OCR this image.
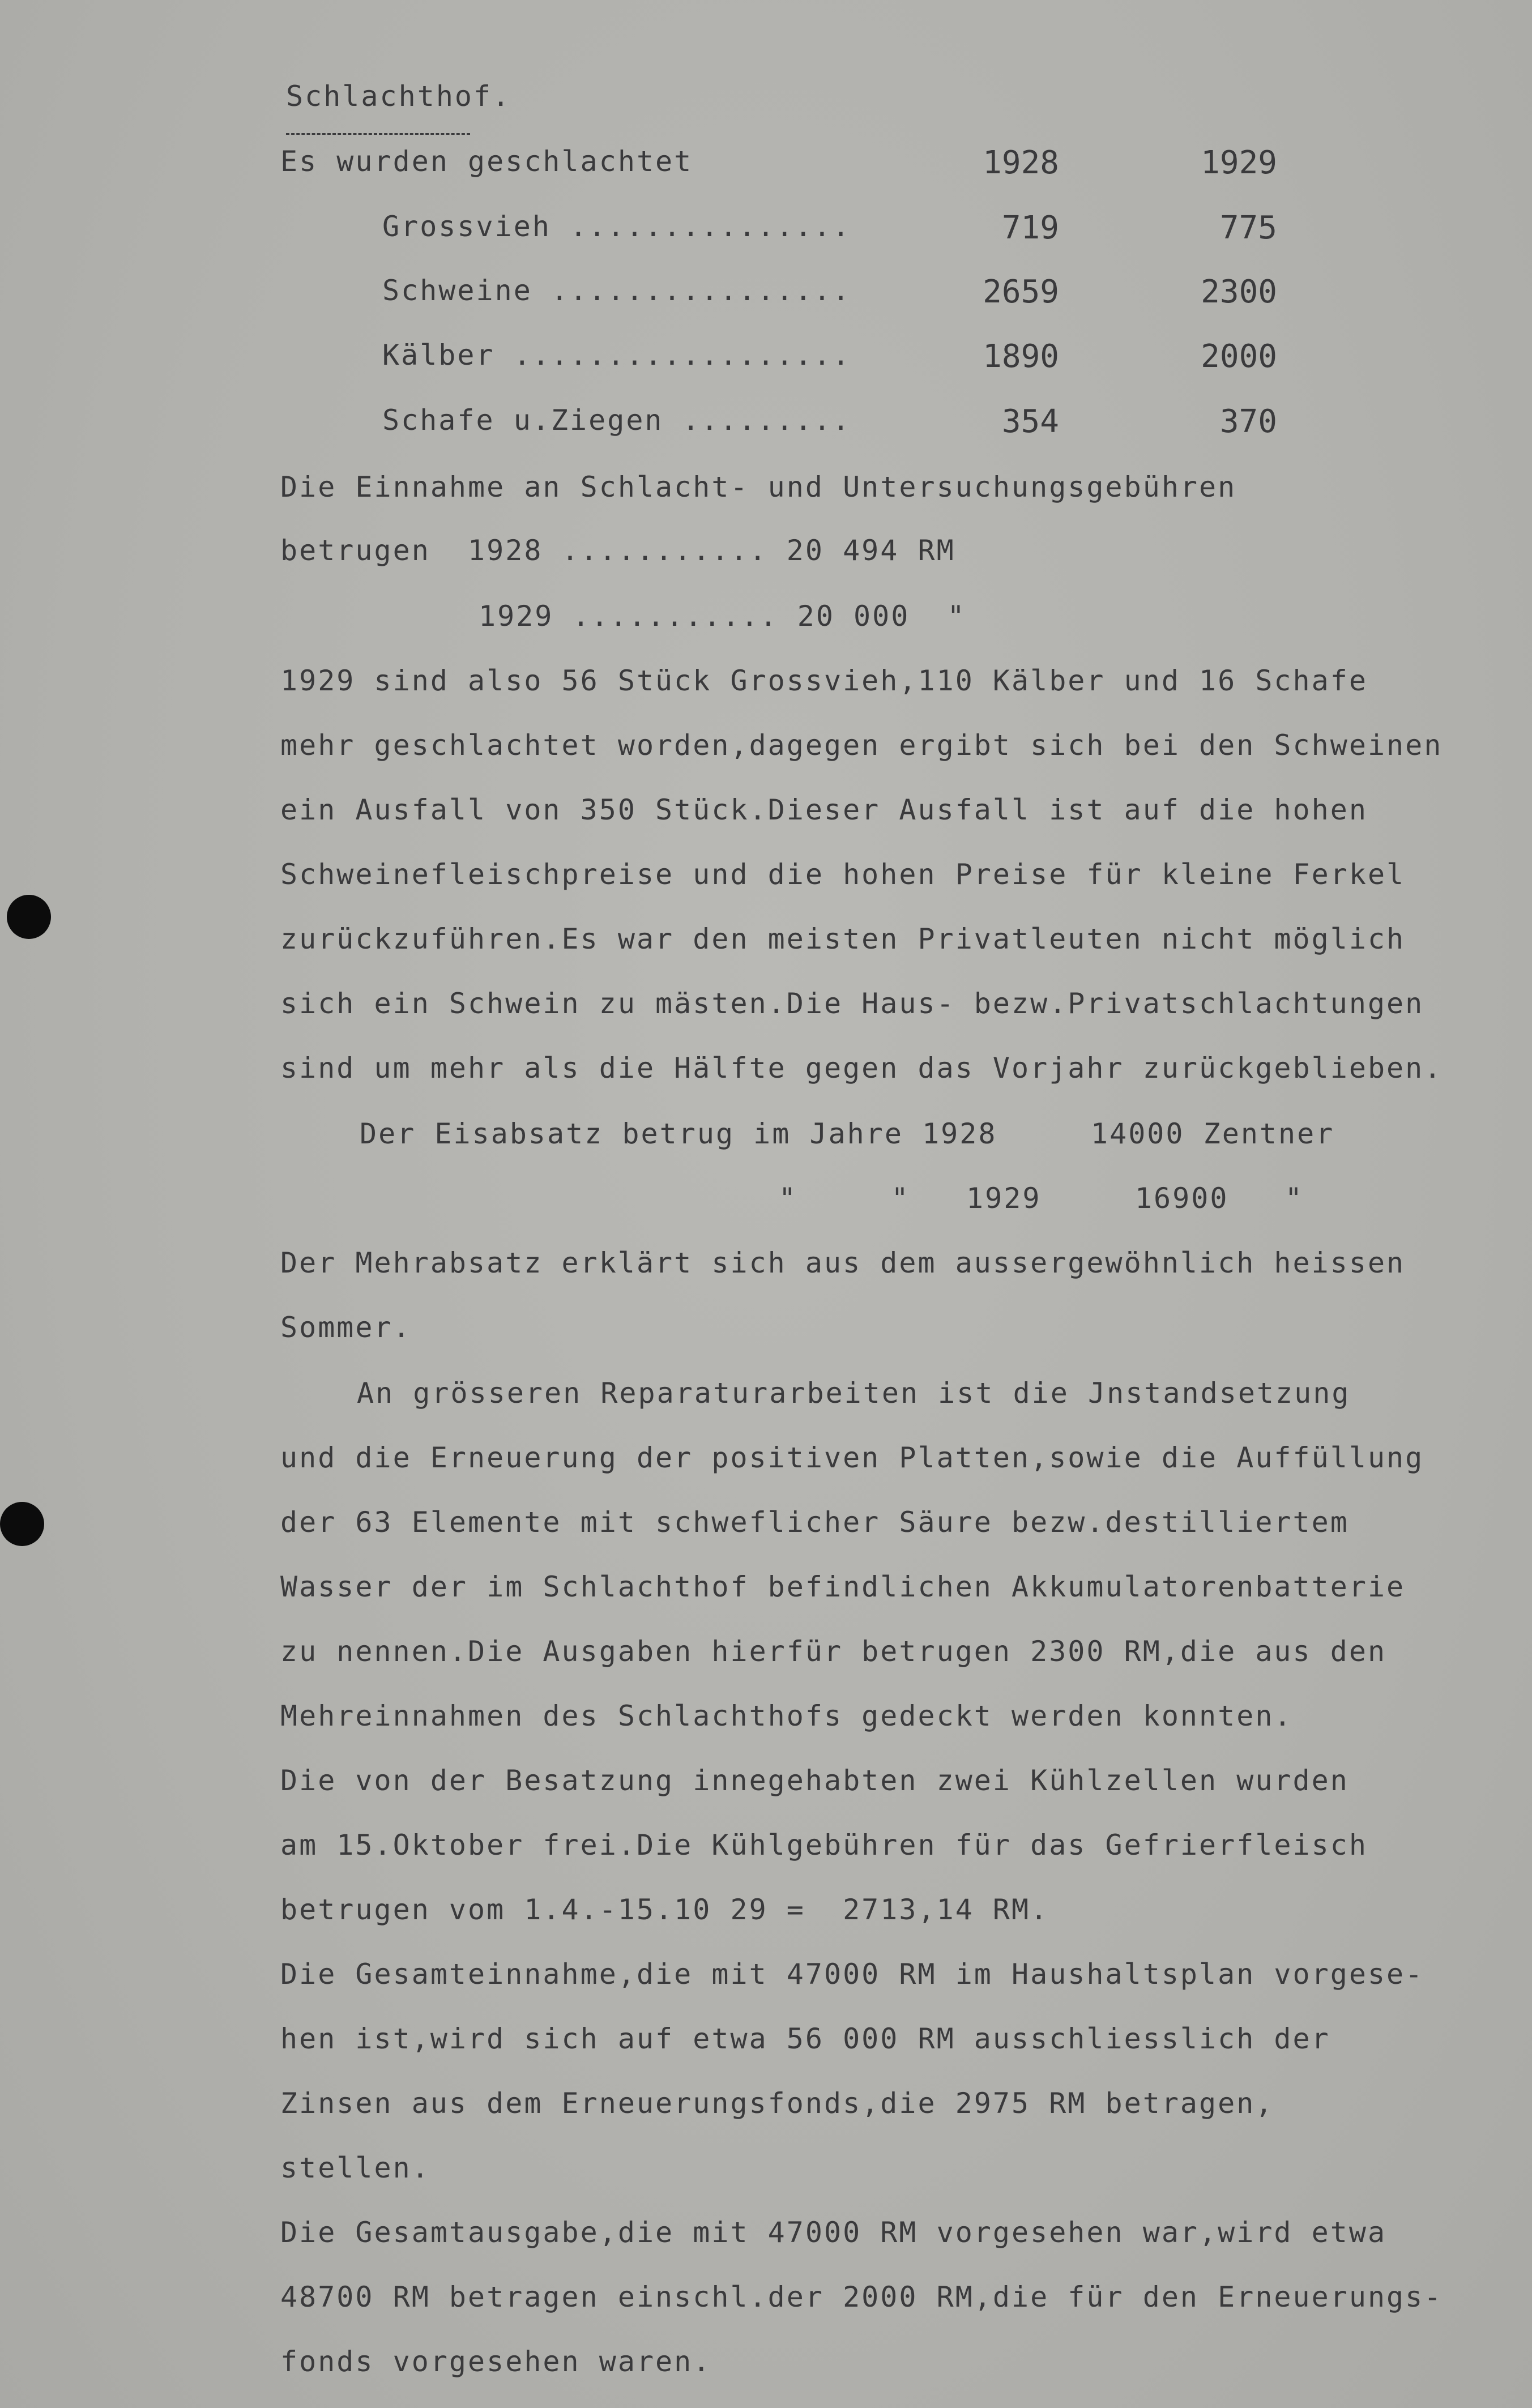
Schlachthof.
Es wurden geschlachtet	1928	1929
Grossvieh ...............	719	775
Schweine ................	2659	2300
Kälber ..................	1890	2000
Schafe u.Ziegen .........	354	370
Die Einnahme an Schlacht- und Untersuchungsgebühren
betrugen  1928 ........... 20 494 RM
1929 ........... 20 000  "
1929 sind also 56 Stück Grossvieh,110 Kälber und 16 Schafe
mehr geschlachtet worden,dagegen ergibt sich bei den Schweinen
ein Ausfall von 350 Stück.Dieser Ausfall ist auf die hohen
Schweinefleischpreise und die hohen Preise für kleine Ferkel
zurückzuführen.Es war den meisten Privatleuten nicht möglich
sich ein Schwein zu mästen.Die Haus- bezw.Privatschlachtungen
sind um mehr als die Hälfte gegen das Vorjahr zurückgeblieben.
Der Eisabsatz betrug im Jahre 1928     14000 Zentner
"     "   1929     16900   "
Der Mehrabsatz erklärt sich aus dem aussergewöhnlich heissen
Sommer.
An grösseren Reparaturarbeiten ist die Jnstandsetzung
und die Erneuerung der positiven Platten,sowie die Auffüllung
der 63 Elemente mit schweflicher Säure bezw.destilliertem
Wasser der im Schlachthof befindlichen Akkumulatorenbatterie
zu nennen.Die Ausgaben hierfür betrugen 2300 RM,die aus den
Mehreinnahmen des Schlachthofs gedeckt werden konnten.
Die von der Besatzung innegehabten zwei Kühlzellen wurden
am 15.Oktober frei.Die Kühlgebühren für das Gefrierfleisch
betrugen vom 1.4.-15.10 29 =  2713,14 RM.
Die Gesamteinnahme,die mit 47000 RM im Haushaltsplan vorgese-
hen ist,wird sich auf etwa 56 000 RM ausschliesslich der
Zinsen aus dem Erneuerungsfonds,die 2975 RM betragen,
stellen.
Die Gesamtausgabe,die mit 47000 RM vorgesehen war,wird etwa
48700 RM betragen einschl.der 2000 RM,die für den Erneuerungs-
fonds vorgesehen waren.
